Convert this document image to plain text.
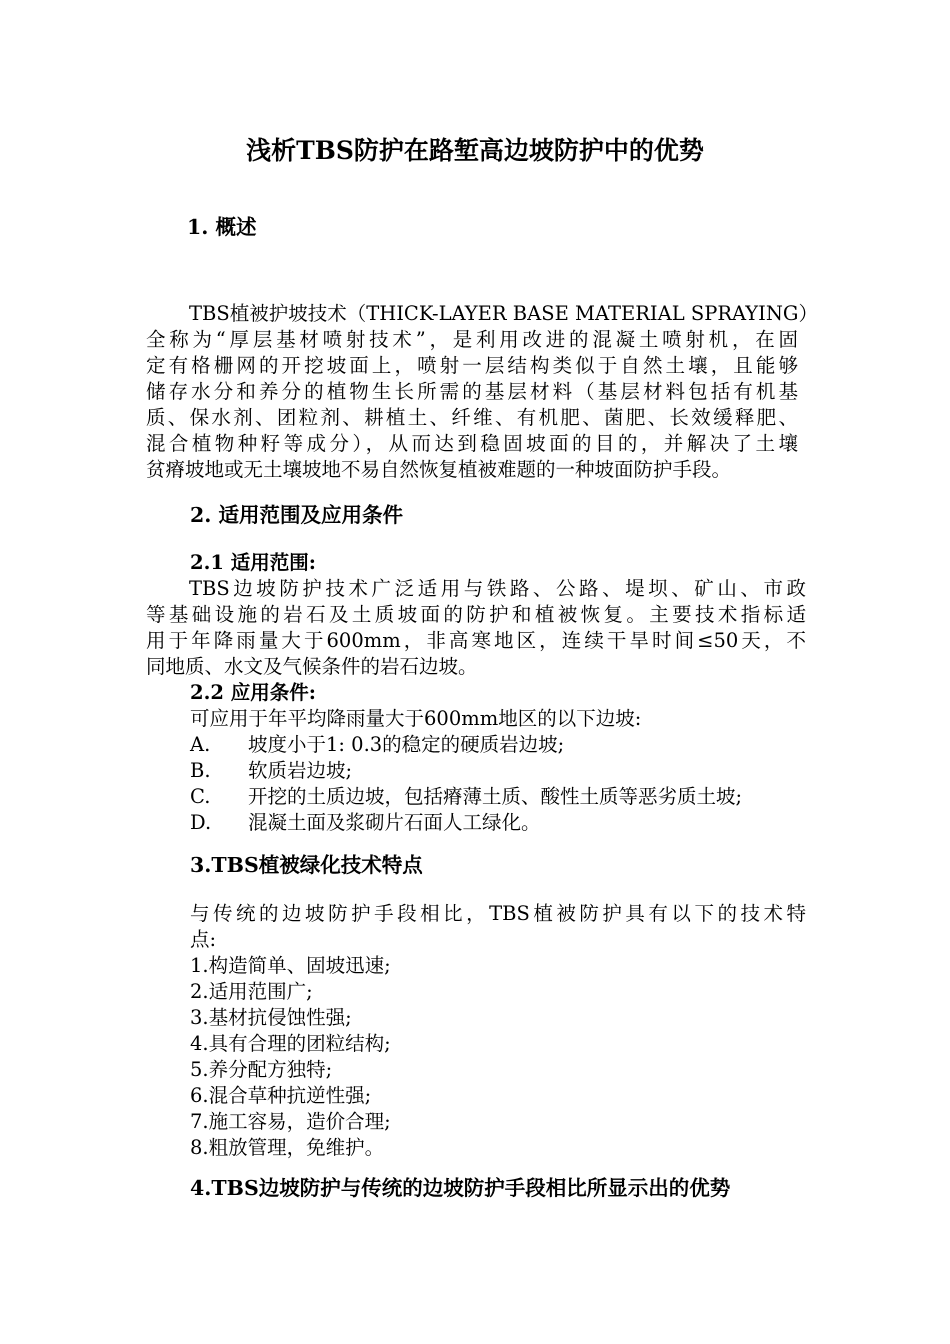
浅析TBS防护在路堑高边坡防护中的优势

1. 概述

TBS植被护坡技术（THICK-LAYER BASE MATERIAL SPRAYING）

全称为“厚层基材喷射技术”，是利用改进的混凝土喷射机，在固

定有格栅网的开挖坡面上，喷射一层结构类似于自然土壤，且能够

储存水分和养分的植物生长所需的基层材料（基层材料包括有机基

质、保水剂、团粒剂、耕植土、纤维、有机肥、菌肥、长效缓释肥、

混合植物种籽等成分），从而达到稳固坡面的目的，并解决了土壤

贫瘠坡地或无土壤坡地不易自然恢复植被难题的一种坡面防护手段。

2. 适用范围及应用条件

2.1 适用范围:

TBS边坡防护技术广泛适用与铁路、公路、堤坝、矿山、市政

等基础设施的岩石及土质坡面的防护和植被恢复。主要技术指标适

用于年降雨量大于600mm，非高寒地区，连续干旱时间≤50天，不

同地质、水文及气候条件的岩石边坡。

2.2 应用条件:

可应用于年平均降雨量大于600mm地区的以下边坡:

A. 坡度小于1: 0.3的稳定的硬质岩边坡;

B. 软质岩边坡;

C. 开挖的土质边坡，包括瘠薄土质、酸性土质等恶劣质土坡;

D. 混凝土面及浆砌片石面人工绿化。

3.TBS植被绿化技术特点

与传统的边坡防护手段相比，TBS植被防护具有以下的技术特

点:

1.构造简单、固坡迅速;

2.适用范围广;

3.基材抗侵蚀性强;

4.具有合理的团粒结构;

5.养分配方独特;

6.混合草种抗逆性强;

7.施工容易，造价合理;

8.粗放管理，免维护。

4.TBS边坡防护与传统的边坡防护手段相比所显示出的优势
